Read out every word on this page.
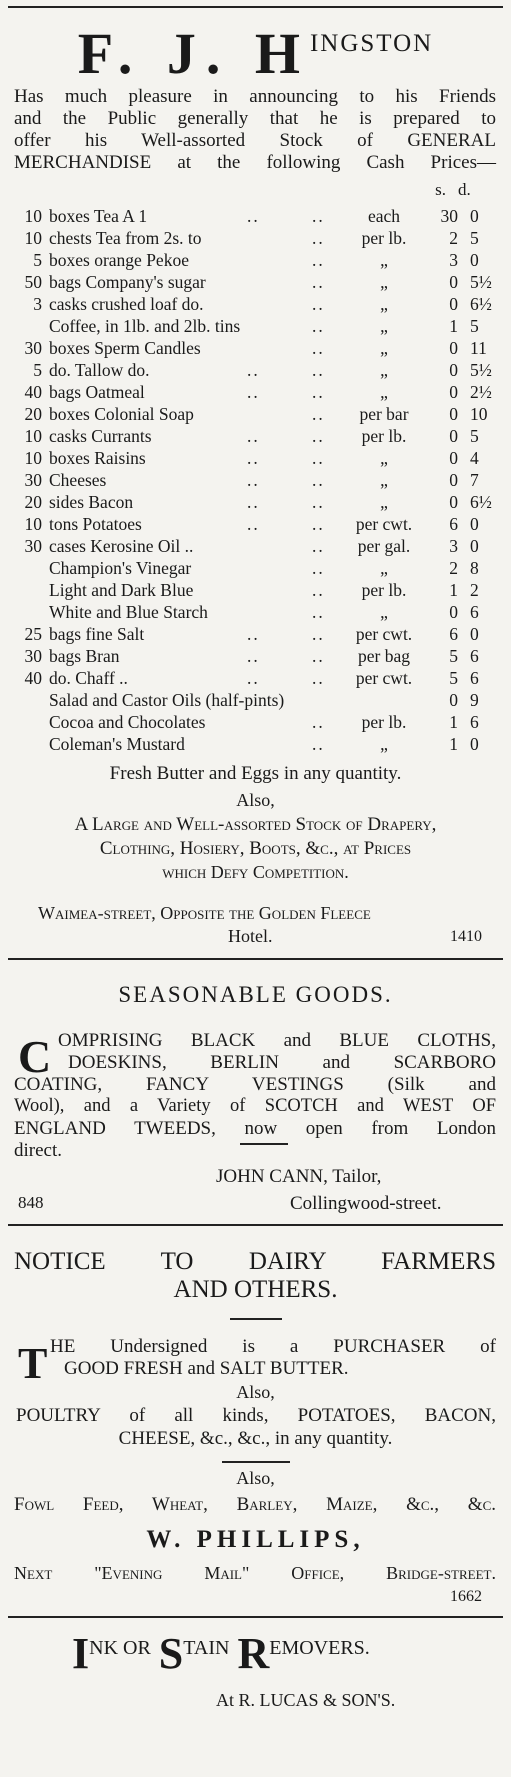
F. J. HINGSTON
Has much pleasure in announcing to his Friends
and the Public generally that he is prepared to
offer his Well-assorted Stock of GENERAL
MERCHANDISE at the following Cash Prices—
s. d.
10 boxes Tea A 1	..	..	each	30 0
10 chests Tea from 2s. to	..	per lb.	2 5
5 boxes orange Pekoe	..	„	3 0
50 bags Company's sugar	..	„	0 5½
3 casks crushed loaf do.	..	„	0 6½
Coffee, in 1lb. and 2lb. tins	..	„	1 5
30 boxes Sperm Candles	..	„	0 11
5 do. Tallow do.	..	..	„	0 5½
40 bags Oatmeal	..	..	„	0 2½
20 boxes Colonial Soap	..	per bar	0 10
10 casks Currants	..	..	per lb.	0 5
10 boxes Raisins	..	..	„	0 4
30 Cheeses	..	..	„	0 7
20 sides Bacon	..	..	„	0 6½
10 tons Potatoes	..	..	per cwt.	6 0
30 cases Kerosine Oil ..	..	per gal.	3 0
Champion's Vinegar	..	„	2 8
Light and Dark Blue	..	per lb.	1 2
White and Blue Starch	..	„	0 6
25 bags fine Salt	..	..	per cwt.	6 0
30 bags Bran	..	..	per bag	5 6
40 do. Chaff ..	..	..	per cwt.	5 6
Salad and Castor Oils (half-pints)	0 9
Cocoa and Chocolates	..	per lb.	1 6
Coleman's Mustard	..	„	1 0
Fresh Butter and Eggs in any quantity.
Also,
A Large and Well-assorted Stock of Drapery,
Clothing, Hosiery, Boots, &c., at Prices
which Defy Competition.
Waimea-street, Opposite the Golden Fleece
Hotel.	1410
SEASONABLE GOODS.
C OMPRISING BLACK and BLUE CLOTHS,
DOESKINS, BERLIN and SCARBORO
COATING, FANCY VESTINGS (Silk and
Wool), and a Variety of SCOTCH and WEST OF
ENGLAND TWEEDS, now open from London
direct.
JOHN CANN, Tailor,
848	Collingwood-street.
NOTICE TO DAIRY FARMERS
AND OTHERS.
T HE Undersigned is a PURCHASER of
GOOD FRESH and SALT BUTTER.
Also,
POULTRY of all kinds, POTATOES, BACON,
CHEESE, &c., &c., in any quantity.
Also,
Fowl Feed, Wheat, Barley, Maize, &c., &c.
W. PHILLIPS,
Next "Evening Mail" Office, Bridge-street.
1662
INK OR STAIN REMOVERS.
At R. LUCAS & SON'S.
